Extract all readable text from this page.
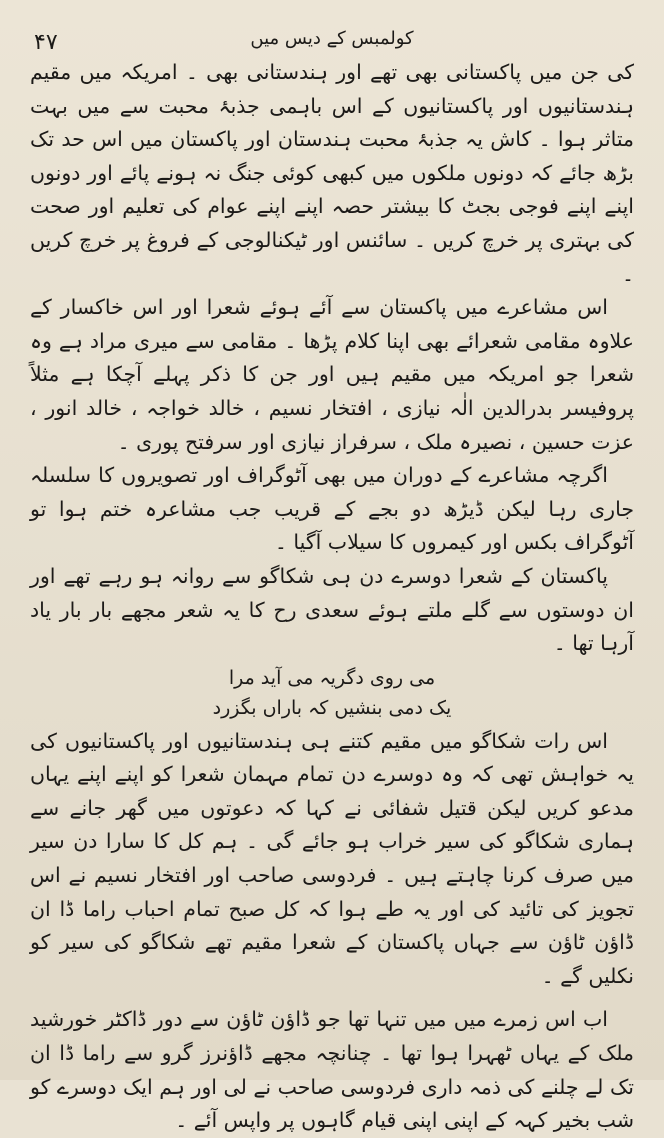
۴۷	کولمبس کے دیس میں

کی جن میں پاکستانی بھی تھے اور ہندستانی بھی ۔ امریکہ میں مقیم ہندستانیوں اور پاکستانیوں کے اس باہمی جذبۂ محبت سے میں بہت متاثر ہوا ۔ کاش یہ جذبۂ محبت ہندستان اور پاکستان میں اس حد تک بڑھ جائے کہ دونوں ملکوں میں کبھی کوئی جنگ نہ ہونے پائے اور دونوں اپنے اپنے فوجی بجٹ کا بیشتر حصہ اپنے اپنے عوام کی تعلیم اور صحت کی بہتری پر خرچ کریں ۔ سائنس اور ٹیکنالوجی کے فروغ پر خرچ کریں ۔

اس مشاعرے میں پاکستان سے آئے ہوئے شعرا اور اس خاکسار کے علاوہ مقامی شعرائے بھی اپنا کلام پڑھا ۔ مقامی سے میری مراد ہے وہ شعرا جو امریکہ میں مقیم ہیں اور جن کا ذکر پہلے آچکا ہے مثلاً پروفیسر بدرالدین الٰہ نیازی ، افتخار نسیم ، خالد خواجہ ، خالد انور ، عزت حسین ، نصیرہ ملک ، سرفراز نیازی اور سرفتح پوری ۔

اگرچہ مشاعرے کے دوران میں بھی آٹوگراف اور تصویروں کا سلسلہ جاری رہا لیکن ڈیڑھ دو بجے کے قریب جب مشاعرہ ختم ہوا تو آٹوگراف بکس اور کیمروں کا سیلاب آگیا ۔

پاکستان کے شعرا دوسرے دن ہی شکاگو سے روانہ ہو رہے تھے اور ان دوستوں سے گلے ملتے ہوئے سعدی رح کا یہ شعر مجھے بار بار یاد آرہا تھا ۔

می روی دگریہ می آید مرا
یک دمی بنشیں کہ باراں بگزرد

اس رات شکاگو میں مقیم کتنے ہی ہندستانیوں اور پاکستانیوں کی یہ خواہش تھی کہ وہ دوسرے دن تمام مہمان شعرا کو اپنے اپنے یہاں مدعو کریں لیکن قتیل شفائی نے کہا کہ دعوتوں میں گھر جانے سے ہماری شکاگو کی سیر خراب ہو جائے گی ۔ ہم کل کا سارا دن سیر میں صرف کرنا چاہتے ہیں ۔ فردوسی صاحب اور افتخار نسیم نے اس تجویز کی تائید کی اور یہ طے ہوا کہ کل صبح تمام احباب راما ڈا ان ڈاؤن ٹاؤن سے جہاں پاکستان کے شعرا مقیم تھے شکاگو کی سیر کو نکلیں گے ۔

اب اس زمرے میں میں تنہا تھا جو ڈاؤن ٹاؤن سے دور ڈاکٹر خورشید ملک کے یہاں ٹھہرا ہوا تھا ۔ چنانچہ مجھے ڈاؤنرز گرو سے راما ڈا ان تک لے چلنے کی ذمہ داری فردوسی صاحب نے لی اور ہم ایک دوسرے کو شب بخیر کہہ کے اپنی اپنی قیام گاہوں پر واپس آئے ۔
